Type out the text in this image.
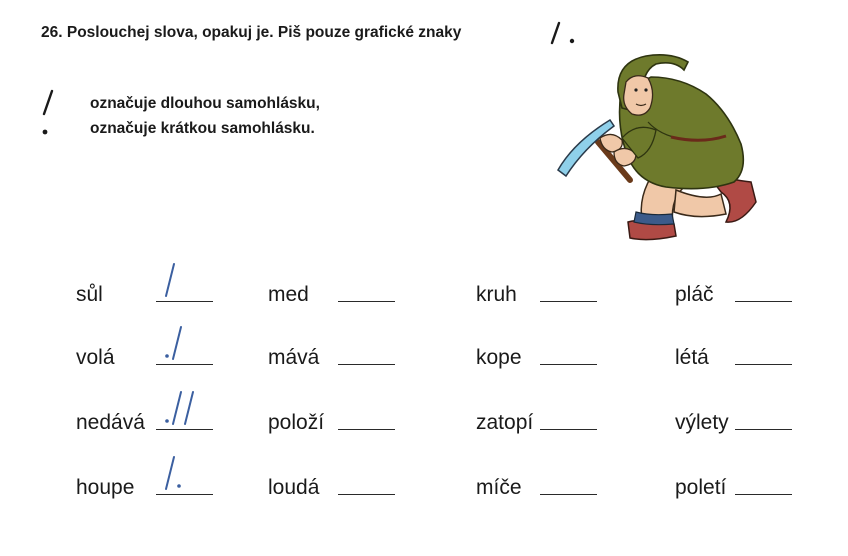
26. Poslouchej slova, opakuj je. Piš pouze grafické znaky
označuje dlouhou samohlásku,
označuje krátkou samohlásku.
sůl	med	kruh	pláč
volá	mává	kope	létá
nedává	položí	zatopí	výlety
houpe	loudá	míče	poletí
